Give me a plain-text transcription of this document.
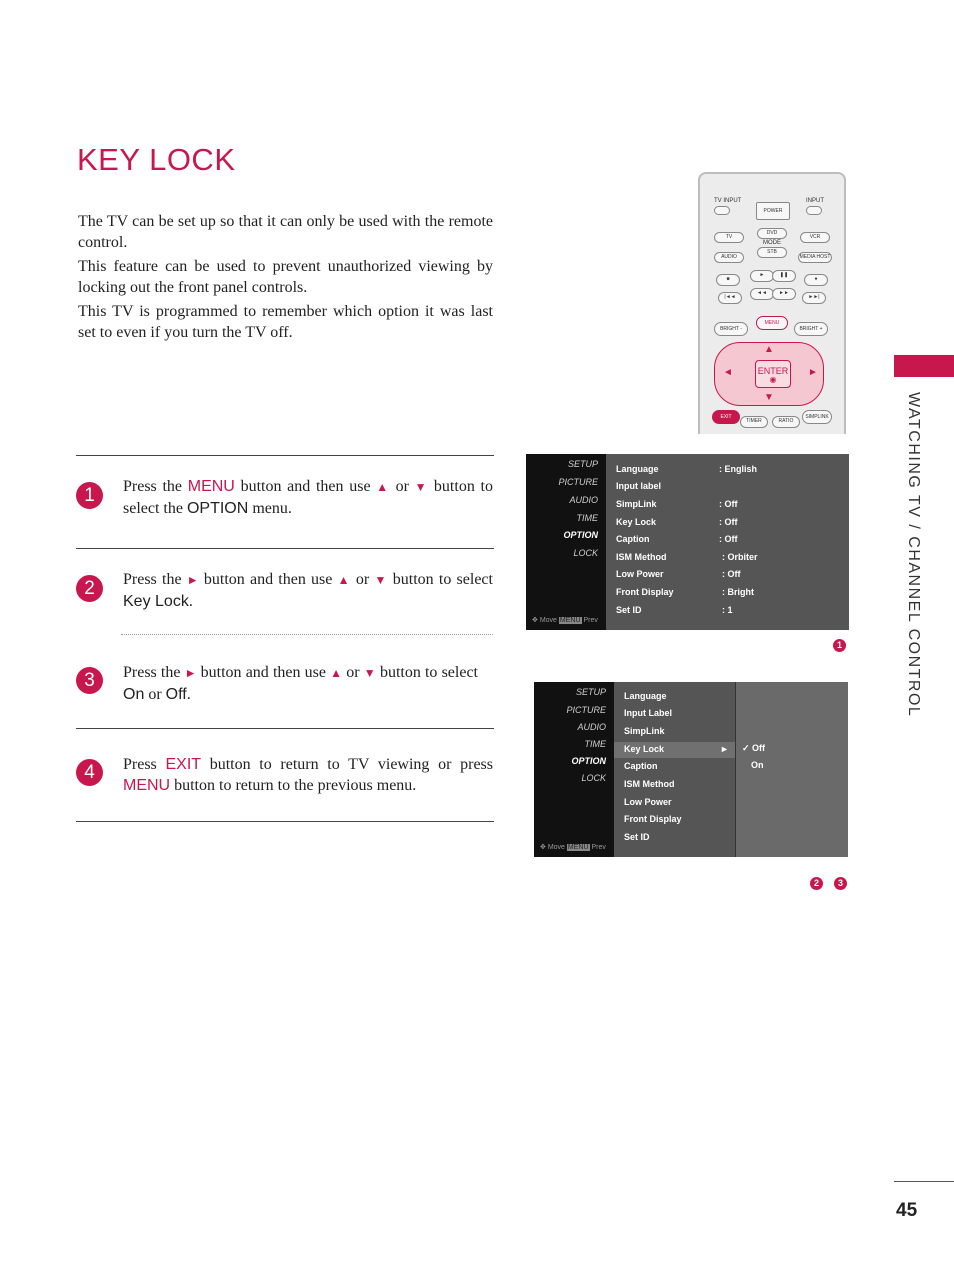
KEY LOCK

The TV can be set up so that it can only be used with the remote control.

This feature can be used to prevent unauthorized viewing by locking out the front panel controls.

This TV is programmed to remember which option it was last set to even if you turn the TV off.

WATCHING TV / CHANNEL CONTROL
45
1	Press the MENU button and then use ▲ or ▼ button to select the OPTION menu.
2	Press the ► button and then use ▲ or ▼ button to select Key Lock.
3	Press the ► button and then use ▲ or ▼ button to select On or Off.
4	Press EXIT button to return to TV viewing or press MENU button to return to the previous menu.
TV INPUT	INPUT
POWER
TV
DVD
VCR
MODE
AUDIO
STB
MEDIA HOST
■
►	❚❚
●
|◄◄
◄◄	►►
►►|
BRIGHT -
MENU
BRIGHT +
▲
▼
◄	►
ENTER
◉
EXIT
TIMER	RATIO
SIMPLINK
SETUP
PICTURE
AUDIO
TIME
OPTION
LOCK
✥ Move MENU Prev
Language	: English
Input label
SimpLink	: Off
Key Lock	: Off
Caption	: Off
ISM Method	: Orbiter
Low Power	: Off
Front Display	: Bright
Set ID	: 1
1
SETUP
PICTURE
AUDIO
TIME
OPTION
LOCK
✥ Move MENU Prev
Language
Input Label
SimpLink
Key Lock	►
Caption
ISM Method
Low Power
Front Display
Set ID
✓ Off
On
2	3
